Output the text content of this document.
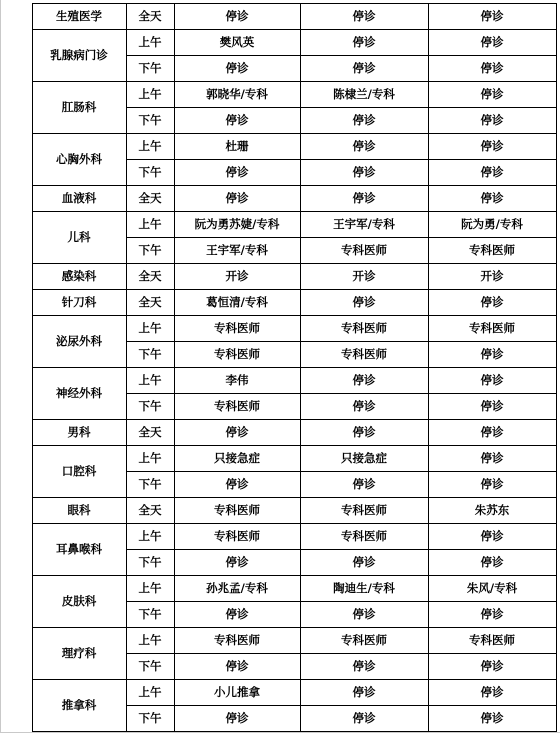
生殖医学	全天	停诊	停诊	停诊
乳腺病门诊
上午	樊风英	停诊	停诊
下午	停诊	停诊	停诊
肛肠科
上午	郭晓华/专科	陈棣兰/专科	停诊
下午	停诊	停诊	停诊
心胸外科
上午	杜珊	停诊	停诊
下午	停诊	停诊	停诊
血液科	全天	停诊	停诊	停诊
儿科
上午	阮为勇苏婕/专科	王宇军/专科	阮为勇/专科
下午	王宇军/专科	专科医师	专科医师
感染科	全天	开诊	开诊	开诊
针刀科	全天	葛恒清/专科	停诊	停诊
泌尿外科
上午	专科医师	专科医师	专科医师
下午	专科医师	专科医师	停诊
神经外科
上午	李伟	停诊	停诊
下午	专科医师	停诊	停诊
男科	全天	停诊	停诊	停诊
口腔科
上午	只接急症	只接急症	停诊
下午	停诊	停诊	停诊
眼科	全天	专科医师	专科医师	朱苏东
耳鼻喉科
上午	专科医师	专科医师	停诊
下午	停诊	停诊	停诊
皮肤科
上午	孙兆孟/专科	陶迪生/专科	朱风/专科
下午	停诊	停诊	停诊
理疗科
上午	专科医师	专科医师	专科医师
下午	停诊	停诊	停诊
推拿科
上午	小儿推拿	停诊	停诊
下午	停诊	停诊	停诊
